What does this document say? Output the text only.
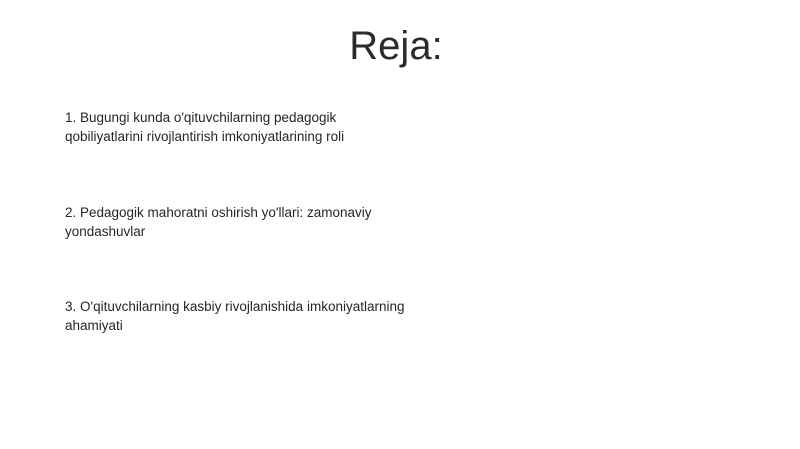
Reja:
1. Bugungi kunda o'qituvchilarning pedagogik qobiliyatlarini rivojlantirish imkoniyatlarining roli
2. Pedagogik mahoratni oshirish yo'llari: zamonaviy yondashuvlar
3. O'qituvchilarning kasbiy rivojlanishida imkoniyatlarning ahamiyati
